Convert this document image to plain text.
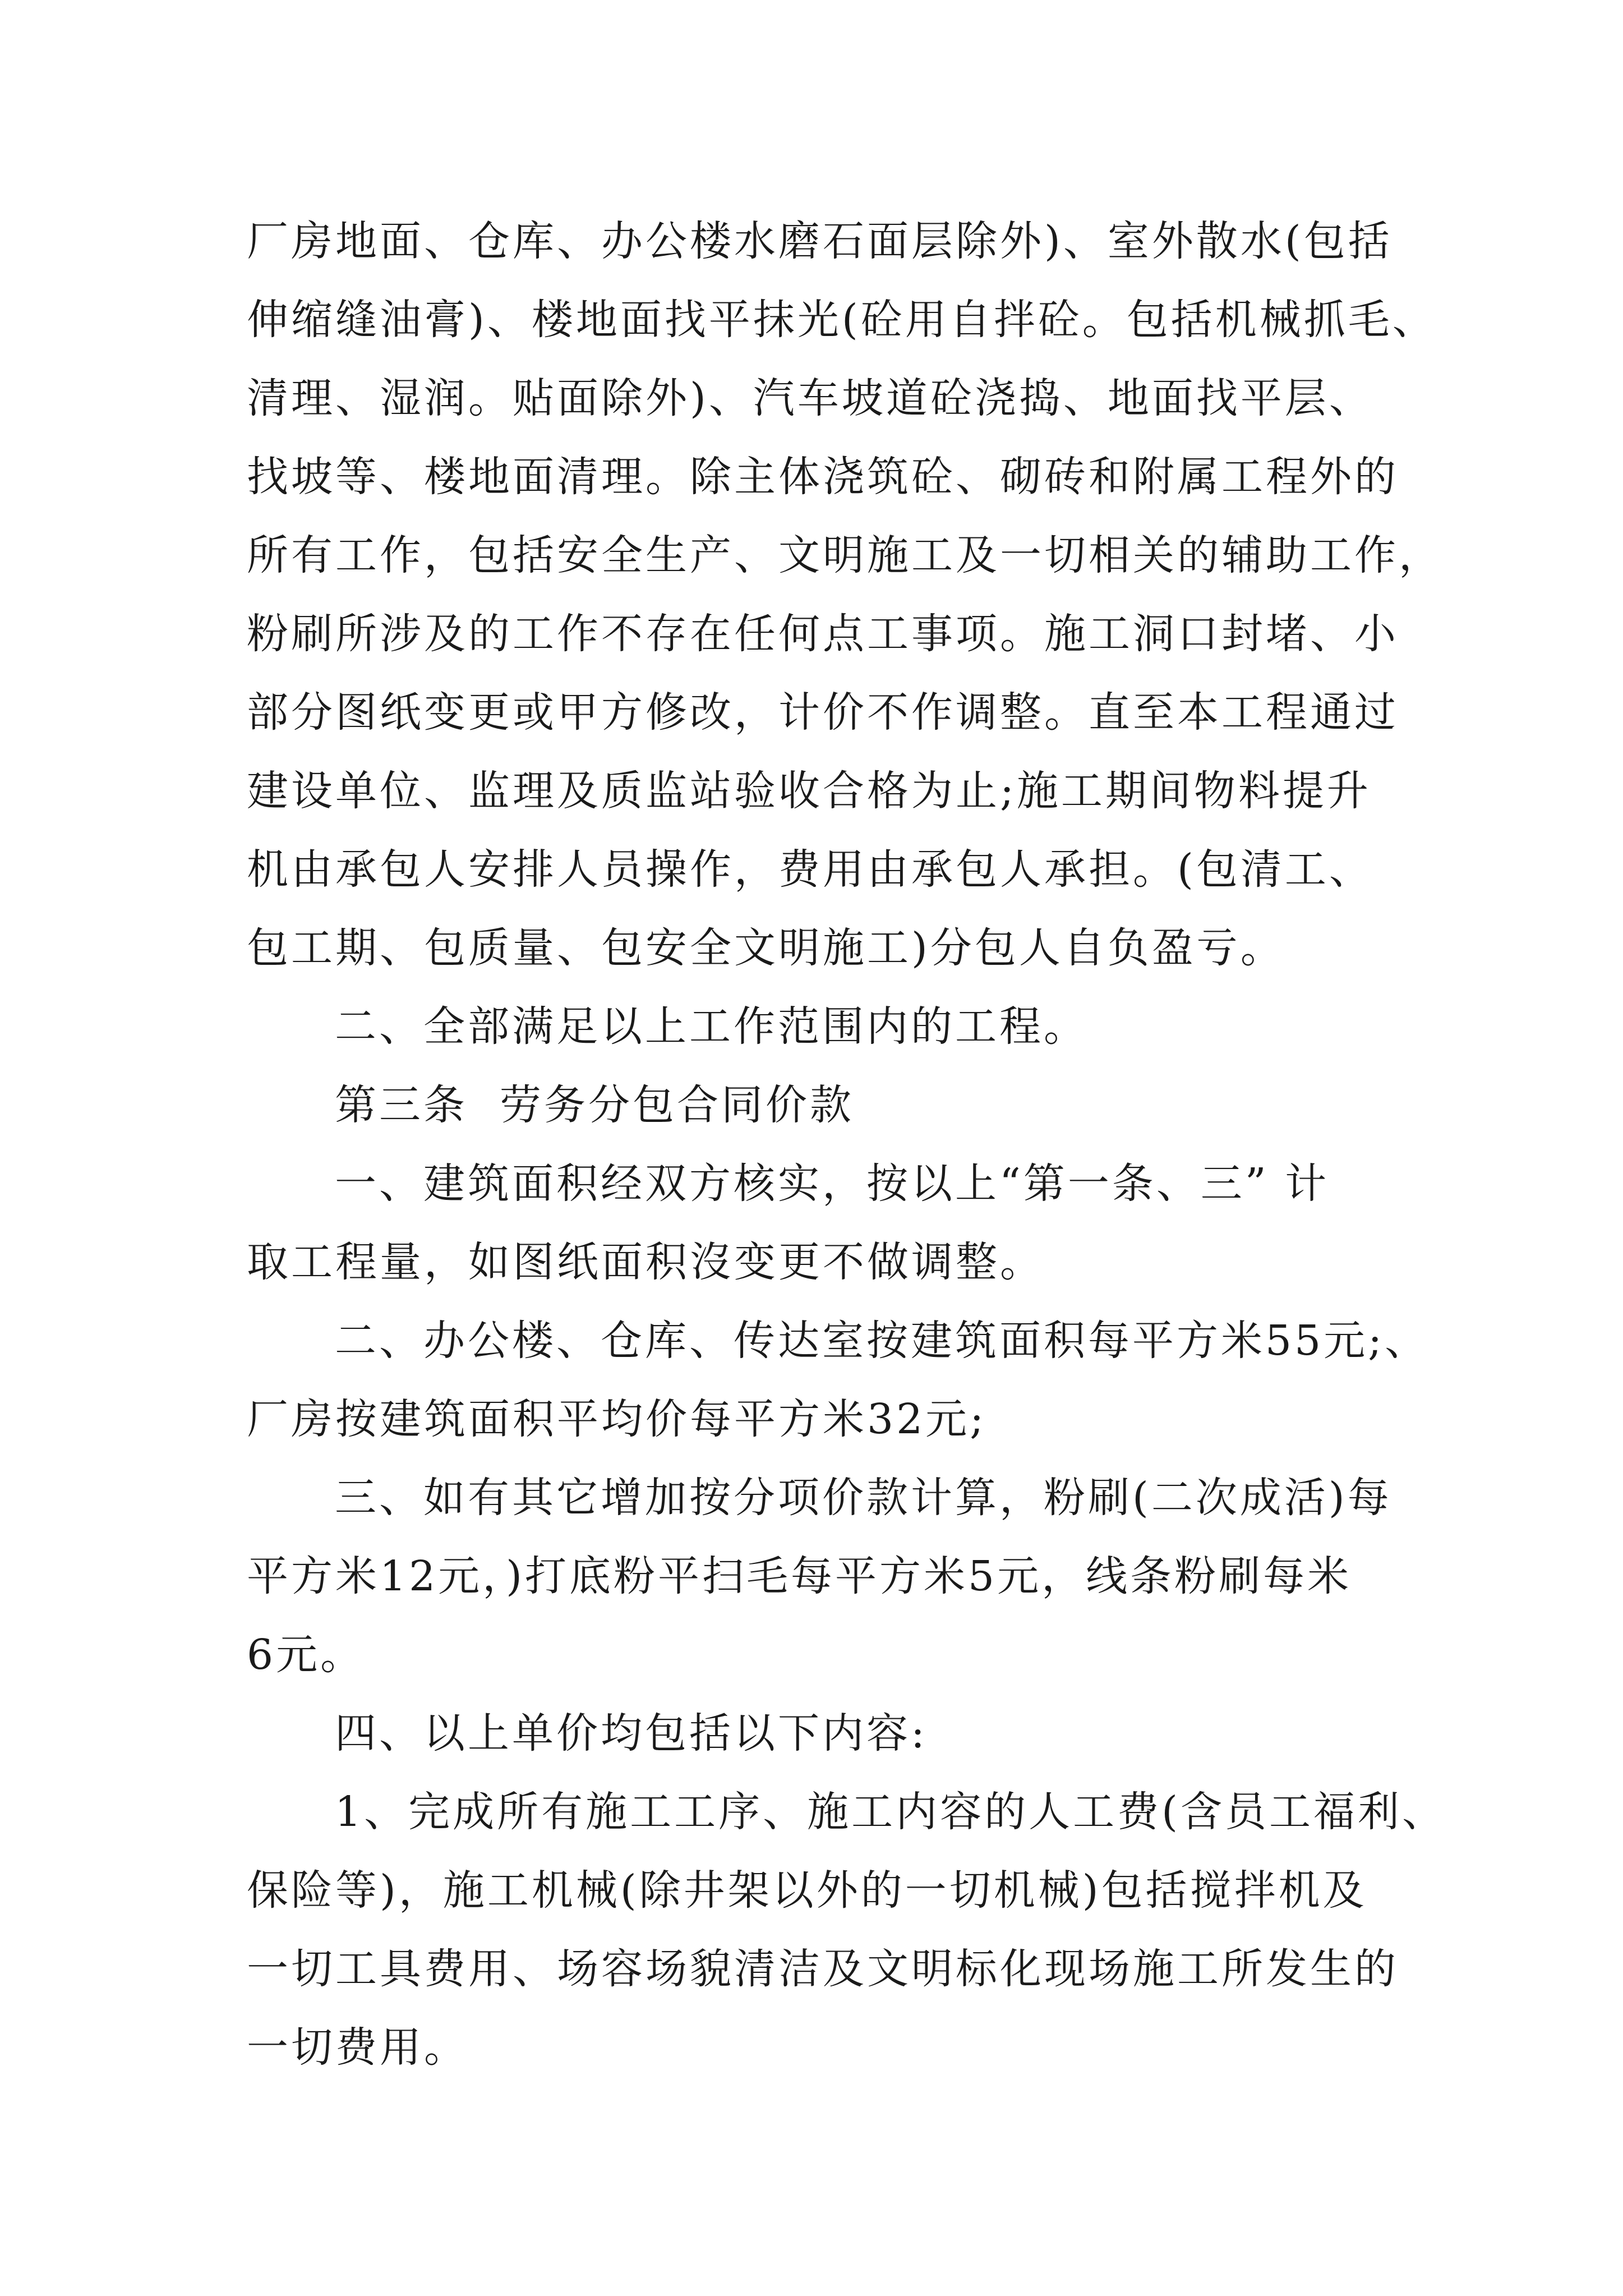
厂房地面、仓库、办公楼水磨石面层除外)、室外散水(包括
伸缩缝油膏)、楼地面找平抹光(砼用自拌砼。包括机械抓毛、
清理、湿润。贴面除外)、汽车坡道砼浇捣、地面找平层、
找坡等、楼地面清理。除主体浇筑砼、砌砖和附属工程外的
所有工作，包括安全生产、文明施工及一切相关的辅助工作，
粉刷所涉及的工作不存在任何点工事项。施工洞口封堵、小
部分图纸变更或甲方修改，计价不作调整。直至本工程通过
建设单位、监理及质监站验收合格为止;施工期间物料提升
机由承包人安排人员操作，费用由承包人承担。(包清工、
包工期、包质量、包安全文明施工)分包人自负盈亏。
二、全部满足以上工作范围内的工程。
第三条  劳务分包合同价款
一、建筑面积经双方核实，按以上“第一条、三” 计
取工程量，如图纸面积沒变更不做调整。
二、办公楼、仓库、传达室按建筑面积每平方米55元;、
厂房按建筑面积平均价每平方米32元;
三、如有其它增加按分项价款计算，粉刷(二次成活)每
平方米12元，)打底粉平扫毛每平方米5元，线条粉刷每米
6元。
四、以上单价均包括以下内容:
1、完成所有施工工序、施工内容的人工费(含员工福利、
保险等)，施工机械(除井架以外的一切机械)包括搅拌机及
一切工具费用、场容场貌清洁及文明标化现场施工所发生的
一切费用。
